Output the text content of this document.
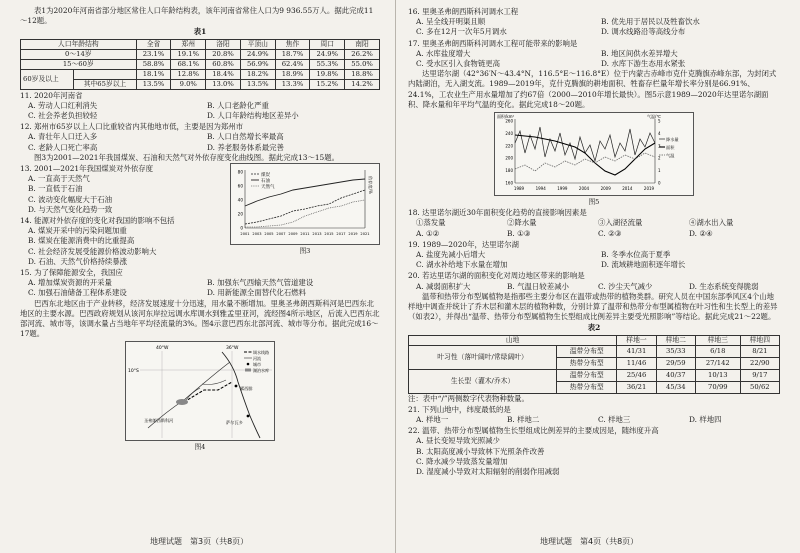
表1为2020年河南省部分地区常住人口年龄结构表，该年河南省常住人口为9 936.55万人。据此完成11～12题。

表1

人口年龄结构		全省	郑州	洛阳	平顶山	焦作	周口	南阳
0～14岁		23.1%	19.1%	20.8%	24.9%	18.7%	24.9%	26.2%
15～60岁		58.8%	68.1%	60.8%	56.9%	62.4%	55.3%	55.0%
60岁及以上		18.1%	12.8%	18.4%	18.2%	18.9%	19.8%	18.8%
	其中65岁以上	13.5%	9.0%	13.0%	13.5%	13.3%	15.2%	14.2%

11. 2020年河南省

A. 劳动人口红利消失	B. 人口老龄化严重
C. 社会养老负担较轻	D. 人口年龄结构地区差异小

12. 郑州市65岁以上人口比重较省内其他地市低，主要是因为郑州市

A. 青壮年人口迁入多	B. 人口自然增长率最高
C. 老龄人口死亡率高	D. 养老服务体系最完善

图3为2001—2021年我国煤炭、石油和天然气对外依存度变化曲线图。据此完成13～15题。

13. 2001—2021年我国煤炭对外依存度

A. 一直高于天然气
B. 一直低于石油
C. 波动变化幅度大于石油
D. 与天然气变化趋势一致

14. 能源对外依存度的变化对我国的影响不包括

A. 煤炭开采中的污染问题加重
B. 煤炭在能源消费中的比重提高
C. 社会经济发展受能源价格波动影响大
D. 石油、天然气价格持续暴涨
80
60
40
20
0
2001 2003 2005 2007 2009 2011 2013 2015 2017 2019 2021
煤炭
石油
天然气	依存度/%
图3

15. 为了保障能源安全，我国应

A. 增加煤炭资源的开采量	B. 加强东气西输天然气管道建设
C. 加强石油储备工程体系建设	D. 用新能源全面替代化石燃料

巴西东北地区由于产业转移，经济发展速度十分迅速，用水量不断增加。里奥圣弗朗西斯科河是巴西东北地区的主要水源。巴西政府规划从该河东岸拉远调水库调水到雅孟里亚河，流经图4所示地区，后流入巴西东北部河流、城市等，该调水量占当地年平均径流量的3%。图4示意巴西东北部河流、城市等分布。据此完成16～17题。

40°W	36°W
10°S
圣弗朗西斯科河	萨尔瓦多
累西腓
调水线路
河流
城市
湖泊水库
图4
地理试题　第3页（共8页）

16. 里奥圣弗朗西斯科河调水工程

A. 呈全线开明渠且顺	B. 优先用于居民以及牲畜饮水
C. 多在12月一次年5月调水	D. 调水线路沿等高线分布

17. 里奥圣弗朗西斯科河调水工程可能带来的影响是

A. 水库盐度增大	B. 地区间供水差异增大
C. 受水区引入食物链更高	D. 水库下游生态用水紧张

达里诺尔湖（42°36′N～43.4°N，116.5°E～116.8°E）位于内蒙古赤峰市克什克腾旗赤峰东部，为封闭式内陆湖泊，无入湖支流。1989—2019年，克什克腾旗的耕地面积、牲畜存栏量年增长率分别是66.91%、24.1%，工农业生产用水量增加了约67倍（2000—2010年增长最快）。图5示意1989—2020年达里诺尔湖面积、降水量和年平均气温的变化。据此完成18～20题。

260
240
220
200
180
160
5
4
3
2
1
0
1989	1994	1999	2004	2009	2014	2019
降水量
面积
气温
面积/km²	气温/℃
图5

18. 达里诺尔湖近30年面积变化趋势的直接影响因素是

①蒸发量	②降水量	③入湖径流量	④湖水出入量
A. ①②	B. ①③	C. ②③	D. ②④

19. 1989—2020年，达里诺尔湖

A. 盐度先减小后增大	B. 冬季水位高于夏季
C. 湖水补给地下水量在增加	D. 流域耕地面积逐年增长

20. 若达里诺尔湖的面积变化对周边地区带来的影响是

A. 减弱面积扩大	B. 气温日较差减小	C. 沙尘天气减少	D. 生态系统变得脆弱

温带和热带分布型属植物是指那些主要分布区在温带或热带的植物类群。研究人员在中国东部季风区4个山地样地中调查并统计了乔木层和灌木层的植物种数，分别计算了温带和热带分布型属植物在叶习性和生长型上的差异（如表2），并得出“温带、热带分布型属植物生长型组成比例差异主要受光照影响”等结论。据此完成21～22题。

表2

山地		样地一	样地二	样地三	样地四
叶习性（落叶阔叶/常绿阔叶）	温带分布型	41/31	35/33	6/18	8/21
	热带分布型	11/46	29/59	27/142	22/90
生长型（灌木/乔木）	温带分布型	25/46	40/37	10/13	9/17
	热带分布型	36/21	45/34	70/99	50/62

注：表中“/”两侧数字代表物种数量。

21. 下列山地中，纬度最低的是

A. 样地一	B. 样地二	C. 样地三	D. 样地四

22. 温带、热带分布型属植物生长型组成比例差异的主要成因是，随纬度升高

A. 昼长变短导致光照减少
B. 太阳高度减小导致林下光照条件改善
C. 降水减少导致蒸发量增加
D. 湿度减小导致对太阳辐射的削弱作用减弱
地理试题　第4页（共8页）
